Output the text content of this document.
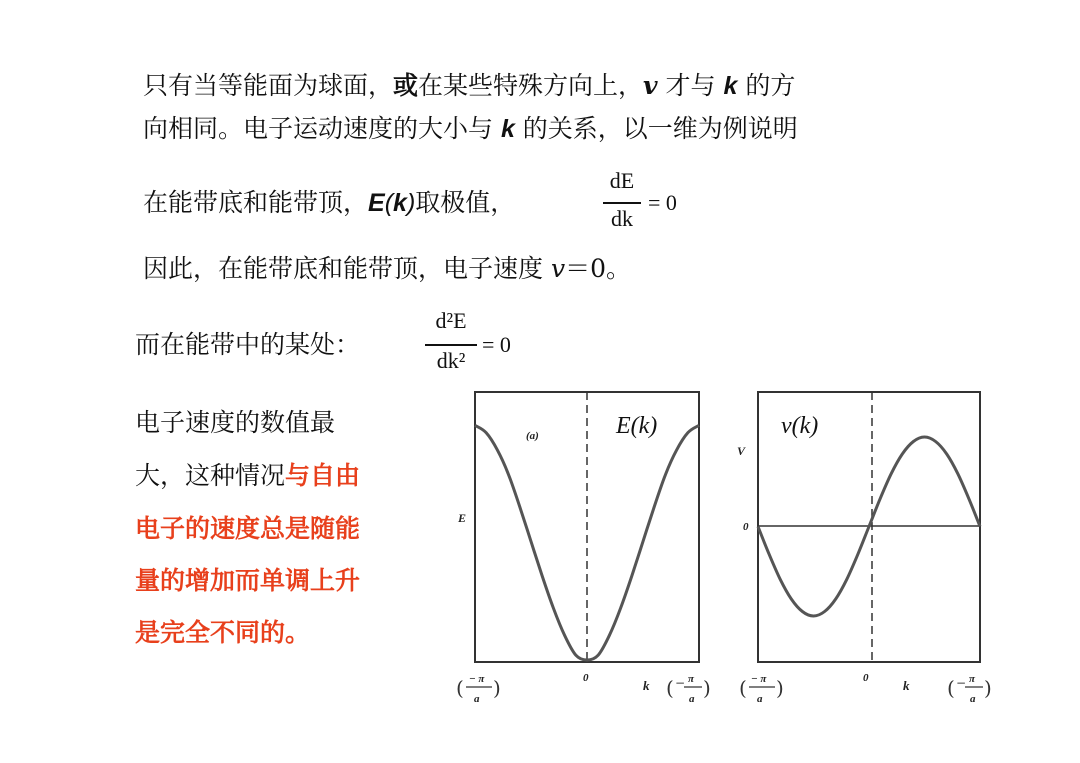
只有当等能面为球面，或在某些特殊方向上，v 才与 k 的方
向相同。电子运动速度的大小与 k 的关系，以一维为例说明
在能带底和能带顶，E(k)取极值，
dE
dk
= 0
因此，在能带底和能带顶，电子速度 v＝0。
而在能带中的某处：
d²E
dk²
= 0
电子速度的数值最
大，这种情况与自由
电子的速度总是随能
量的增加而单调上升
是完全不同的。
(a)	E(k)
E
0	k
( − π
a )	( − π
a )
v(k)
V
0
0	k
( − π
a )	( − π
a )
